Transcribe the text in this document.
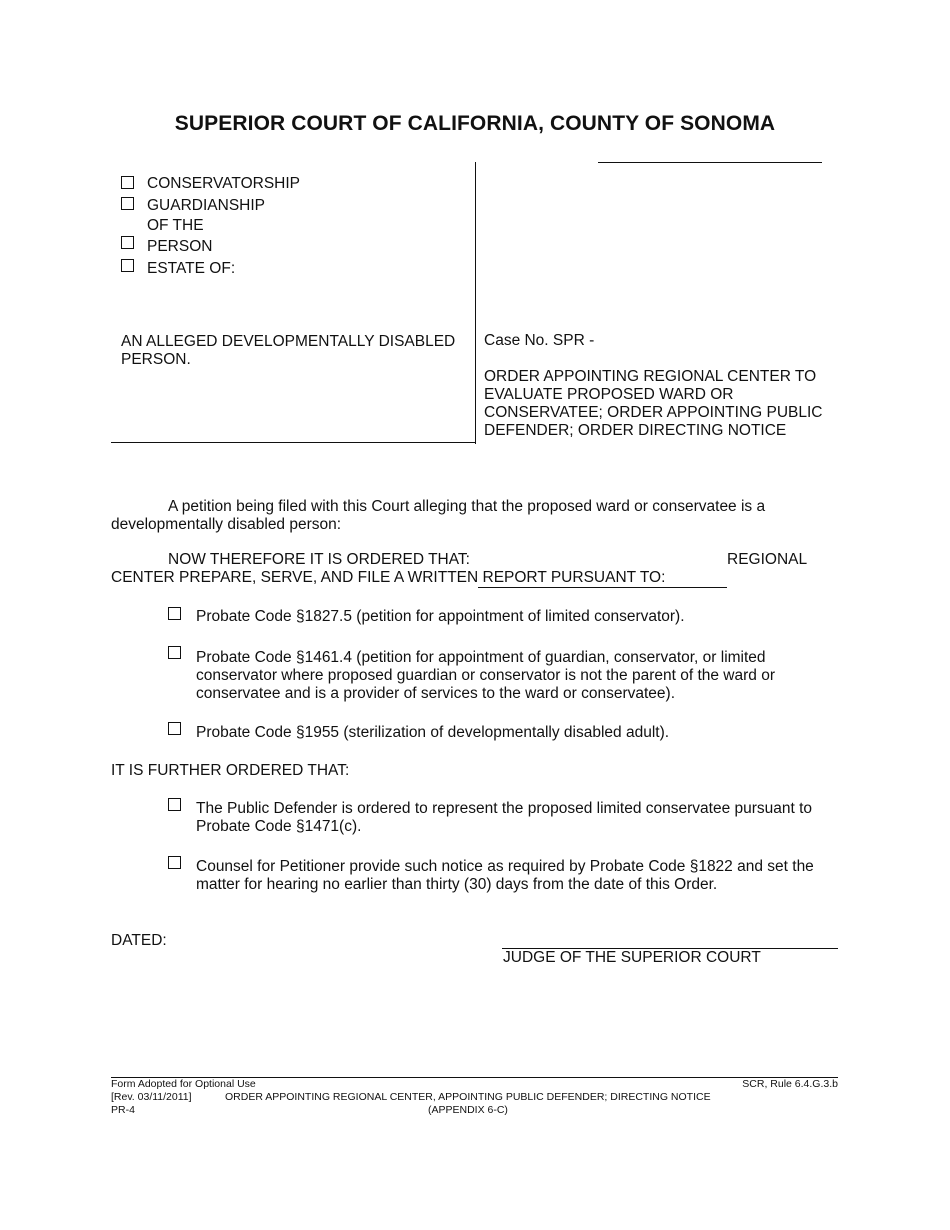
SUPERIOR COURT OF CALIFORNIA, COUNTY OF SONOMA
CONSERVATORSHIP
GUARDIANSHIP
OF THE
PERSON
ESTATE OF:
AN ALLEGED DEVELOPMENTALLY DISABLED PERSON.
Case No. SPR -
ORDER APPOINTING REGIONAL CENTER TO EVALUATE PROPOSED WARD OR CONSERVATEE; ORDER APPOINTING PUBLIC DEFENDER; ORDER DIRECTING NOTICE
A petition being filed with this Court alleging that the proposed ward or conservatee is a
developmentally disabled person:
NOW THEREFORE IT IS ORDERED THAT:	REGIONAL
CENTER PREPARE, SERVE, AND FILE A WRITTEN REPORT PURSUANT TO:
Probate Code §1827.5 (petition for appointment of limited conservator).
Probate Code §1461.4 (petition for appointment of guardian, conservator, or limited conservator where proposed guardian or conservator is not the parent of the ward or conservatee and is a provider of services to the ward or conservatee).
Probate Code §1955 (sterilization of developmentally disabled adult).
IT IS FURTHER ORDERED THAT:
The Public Defender is ordered to represent the proposed limited conservatee pursuant to Probate Code §1471(c).
Counsel for Petitioner provide such notice as required by Probate Code §1822 and set the matter for hearing no earlier than thirty (30) days from the date of this Order.
DATED:
JUDGE OF THE SUPERIOR COURT
Form Adopted for Optional Use	SCR, Rule 6.4.G.3.b
[Rev. 03/11/2011]	ORDER APPOINTING REGIONAL CENTER, APPOINTING PUBLIC DEFENDER; DIRECTING NOTICE
PR-4	(APPENDIX 6-C)
